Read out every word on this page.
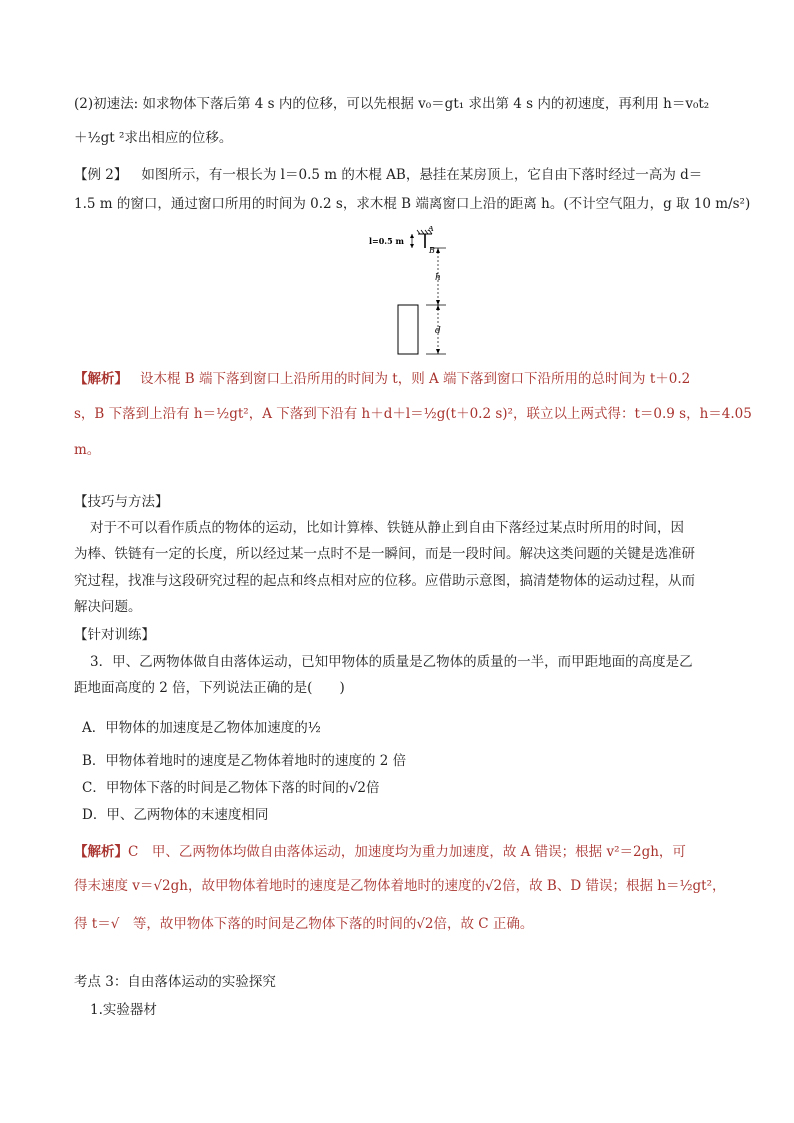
(2)初速法: 如求物体下落后第 4 s 内的位移，可以先根据 v₀＝gt₁ 求出第 4 s 内的初速度，再利用 h＝v₀t₂
＋½gt ²求出相应的位移。
【例 2】 如图所示，有一根长为 l＝0.5 m 的木棍 AB，悬挂在某房顶上，它自由下落时经过一高为 d＝
1.5 m 的窗口，通过窗口所用的时间为 0.2 s，求木棍 B 端离窗口上沿的距离 h。(不计空气阻力，g 取 10 m/s²)
A
B
l=0.5 m
h
d
【解析】 设木棍 B 端下落到窗口上沿所用的时间为 t，则 A 端下落到窗口下沿所用的总时间为 t＋0.2
s，B 下落到上沿有 h＝½gt²，A 下落到下沿有 h＋d＋l＝½g(t＋0.2 s)²，联立以上两式得：t＝0.9 s，h＝4.05
m。
【技巧与方法】
对于不可以看作质点的物体的运动，比如计算棒、铁链从静止到自由下落经过某点时所用的时间，因
为棒、铁链有一定的长度，所以经过某一点时不是一瞬间，而是一段时间。解决这类问题的关键是选准研
究过程，找准与这段研究过程的起点和终点相对应的位移。应借助示意图，搞清楚物体的运动过程，从而
解决问题。
【针对训练】
3．甲、乙两物体做自由落体运动，已知甲物体的质量是乙物体的质量的一半，而甲距地面的高度是乙
距地面高度的 2 倍，下列说法正确的是(　　)
A．甲物体的加速度是乙物体加速度的½
B．甲物体着地时的速度是乙物体着地时的速度的 2 倍
C．甲物体下落的时间是乙物体下落的时间的√2倍
D．甲、乙两物体的末速度相同
【解析】C　甲、乙两物体均做自由落体运动，加速度均为重力加速度，故 A 错误；根据 v²＝2gh，可
得末速度 v＝√2gh，故甲物体着地时的速度是乙物体着地时的速度的√2倍，故 B、D 错误；根据 h＝½gt²，
得 t＝√　等，故甲物体下落的时间是乙物体下落的时间的√2倍，故 C 正确。
考点 3：自由落体运动的实验探究
1.实验器材
